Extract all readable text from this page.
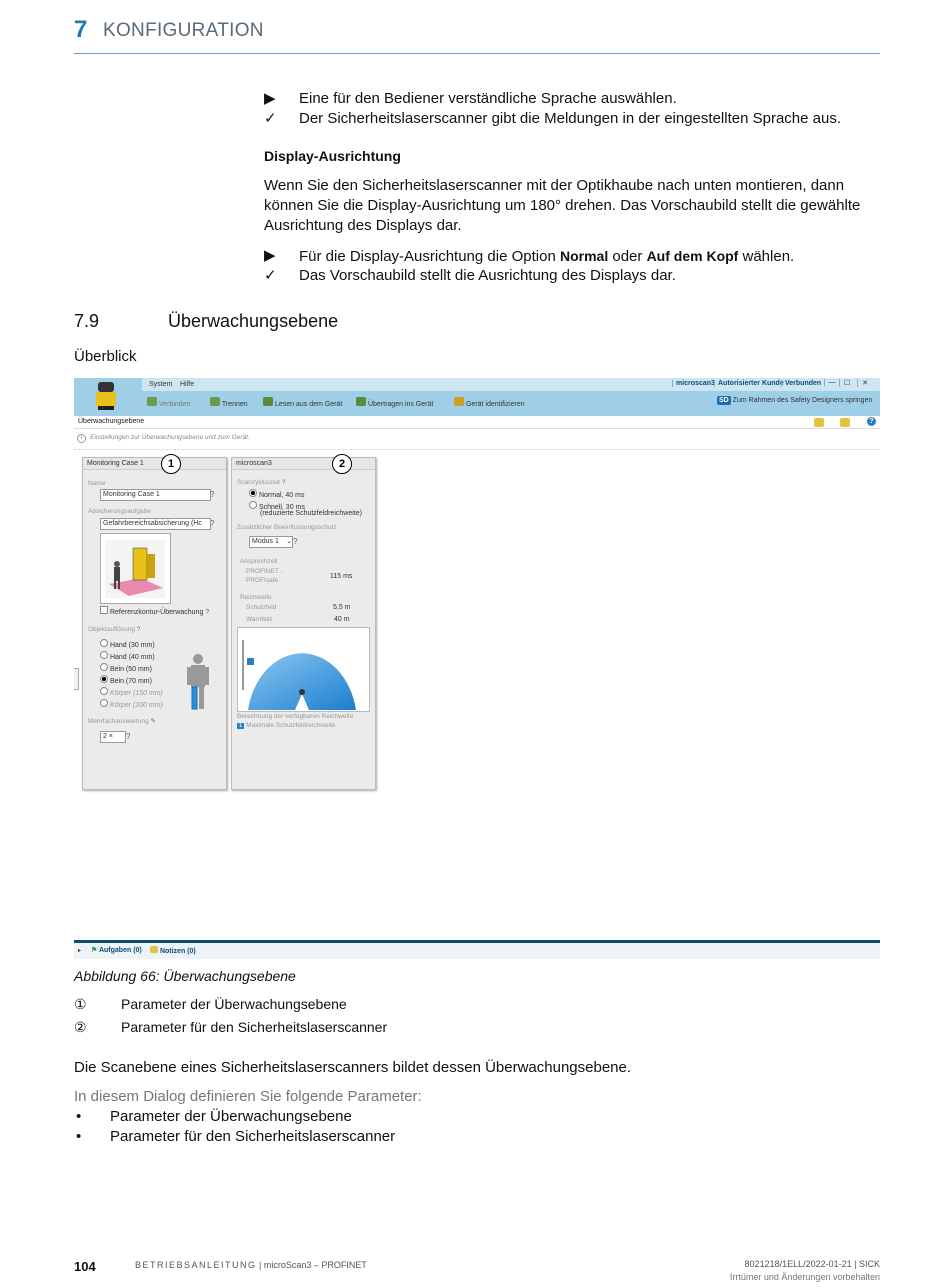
7 KONFIGURATION
▶	Eine für den Bediener verständliche Sprache auswählen.
✓	Der Sicherheitslaserscanner gibt die Meldungen in der eingestellten Sprache aus.
Display-Ausrichtung
Wenn Sie den Sicherheitslaserscanner mit der Optikhaube nach unten montieren, dann können Sie die Display-Ausrichtung um 180° drehen. Das Vorschaubild stellt die gewählte Ausrichtung des Displays dar.
▶	Für die Display-Ausrichtung die Option Normal oder Auf dem Kopf wählen.
✓	Das Vorschaubild stellt die Ausrichtung des Displays dar.
7.9	Überwachungsebene
Überblick
System Hilfe	microscan3 Autorisierter Kunde Verbunden	—	☐	✕
Verbinden	Trennen	Lesen aus dem Gerät	Übertragen ins Gerät	Gerät identifizieren
SD Zum Rahmen des Safety Designers springen
Überwachungsebene	?
i	Einstellungen zur Überwachungsebene und zum Gerät.
Monitoring Case 1
Name
Monitoring Case 1	?
Absicherungsaufgabe
Gefahrbereichsabsicherung (Hc	?
Referenzkontur-Überwachung ?
Objektauflösung ?
Hand (30 mm)
Hand (40 mm)
Bein (50 mm)
Bein (70 mm)
Körper (150 mm)
Körper (200 mm)
Mehrfachauswertung ✎
2 ×	?
1	microscan3
Scanzykluszeit ?
Normal, 40 ms
Schnell, 30 ms
(reduzierte Schutzfeldreichweite)
Zusätzlicher Beeinflussungsschutz
Modus 1 ⌄ ?
Ansprechzeit
PROFINET -
PROFIsafe
115 ms
Reichweite
Schutzfeld	5,5 m
Warnfeld	40 m
Berechnung der verfügbaren Reichweite
1 Maximale Schutzfeldreichweite
2
▸ ⚑ Aufgaben (0)	Notizen (0)
Abbildung 66: Überwachungsebene
① Parameter der Überwachungsebene
② Parameter für den Sicherheitslaserscanner
Die Scanebene eines Sicherheitslaserscanners bildet dessen Überwachungsebene.
In diesem Dialog definieren Sie folgende Parameter:
• Parameter der Überwachungsebene
• Parameter für den Sicherheitslaserscanner
104	BETRIEBSANLEITUNG | microScan3 – PROFINET	8021218/1ELL/2022-01-21 | SICK
Irrtümer und Änderungen vorbehalten
